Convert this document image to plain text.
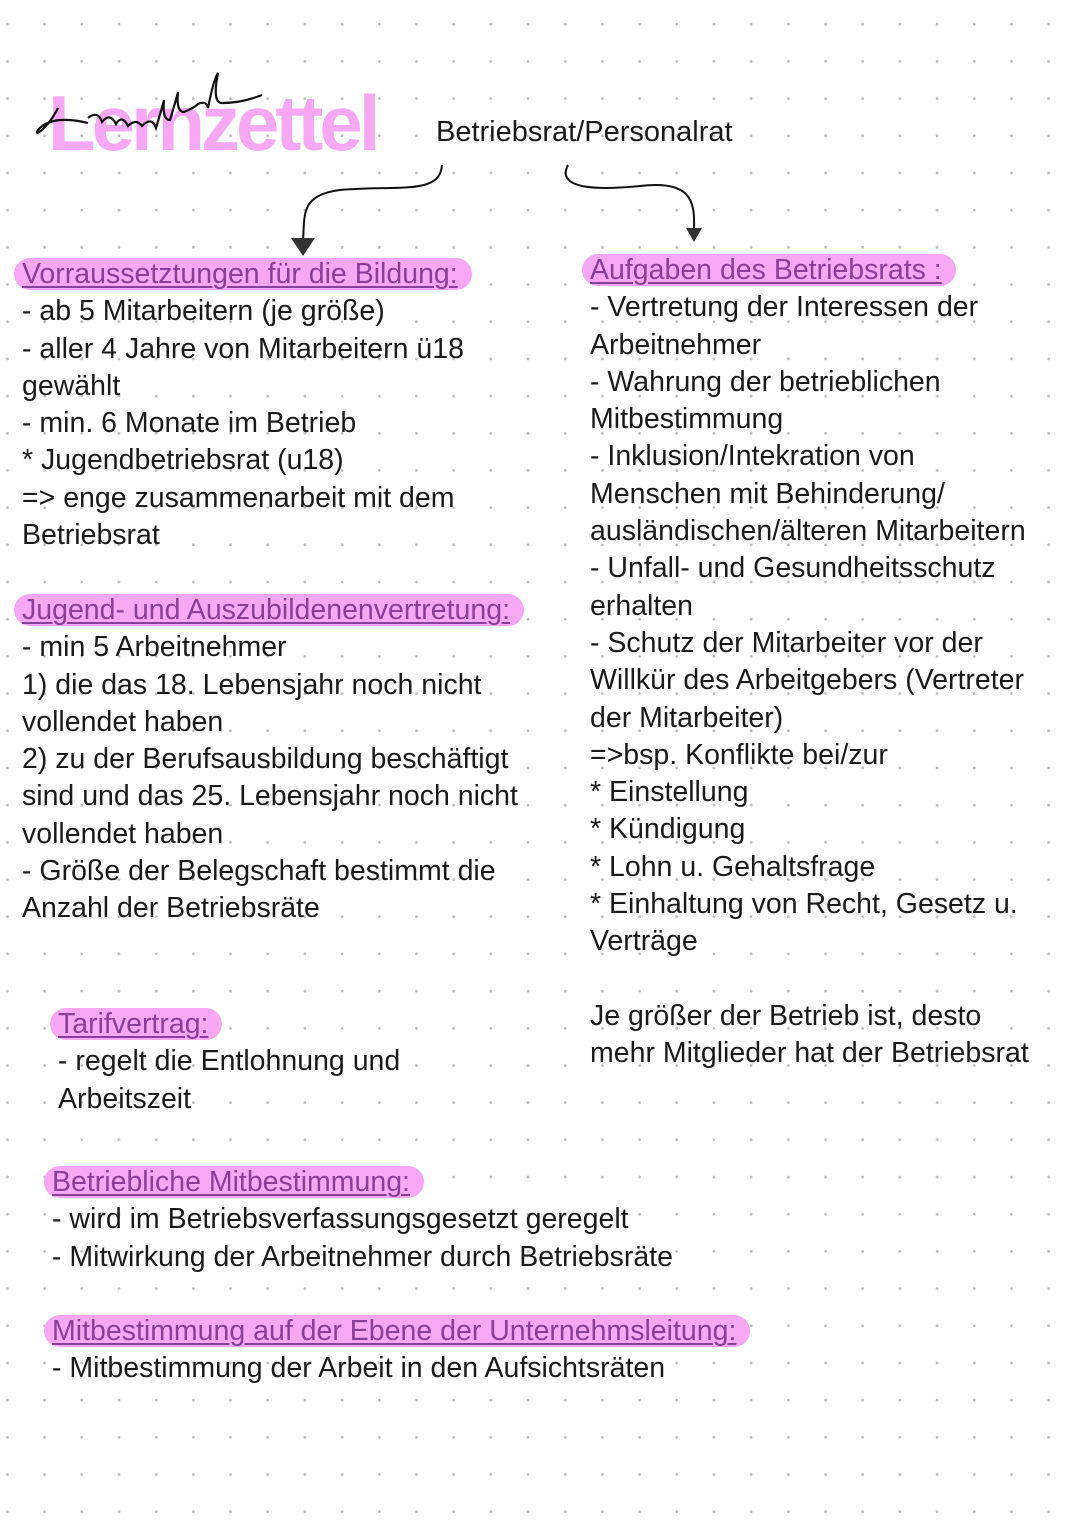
Lernzettel Betriebsrat/Personalrat
Vorraussetztungen für die Bildung:
- ab 5 Mitarbeitern (je größe)
- aller 4 Jahre von Mitarbeitern ü18
gewählt
- min. 6 Monate im Betrieb
* Jugendbetriebsrat (u18)
=> enge zusammenarbeit mit dem
Betriebsrat
Jugend- und Auszubildenenvertretung:
- min 5 Arbeitnehmer
1) die das 18. Lebensjahr noch nicht
vollendet haben
2) zu der Berufsausbildung beschäftigt
sind und das 25. Lebensjahr noch nicht
vollendet haben
- Größe der Belegschaft bestimmt die
Anzahl der Betriebsräte
Aufgaben des Betriebsrats :
- Vertretung der Interessen der
Arbeitnehmer
- Wahrung der betrieblichen
Mitbestimmung
- Inklusion/Intekration von
Menschen mit Behinderung/
ausländischen/älteren Mitarbeitern
- Unfall- und Gesundheitsschutz
erhalten
- Schutz der Mitarbeiter vor der
Willkür des Arbeitgebers (Vertreter
der Mitarbeiter)
=>bsp. Konflikte bei/zur
* Einstellung
* Kündigung
* Lohn u. Gehaltsfrage
* Einhaltung von Recht, Gesetz u.
Verträge
Je größer der Betrieb ist, desto
mehr Mitglieder hat der Betriebsrat
Tarifvertrag:
- regelt die Entlohnung und
Arbeitszeit
Betriebliche Mitbestimmung:
- wird im Betriebsverfassungsgesetzt geregelt
- Mitwirkung der Arbeitnehmer durch Betriebsräte
Mitbestimmung auf der Ebene der Unternehmsleitung:
- Mitbestimmung der Arbeit in den Aufsichtsräten
